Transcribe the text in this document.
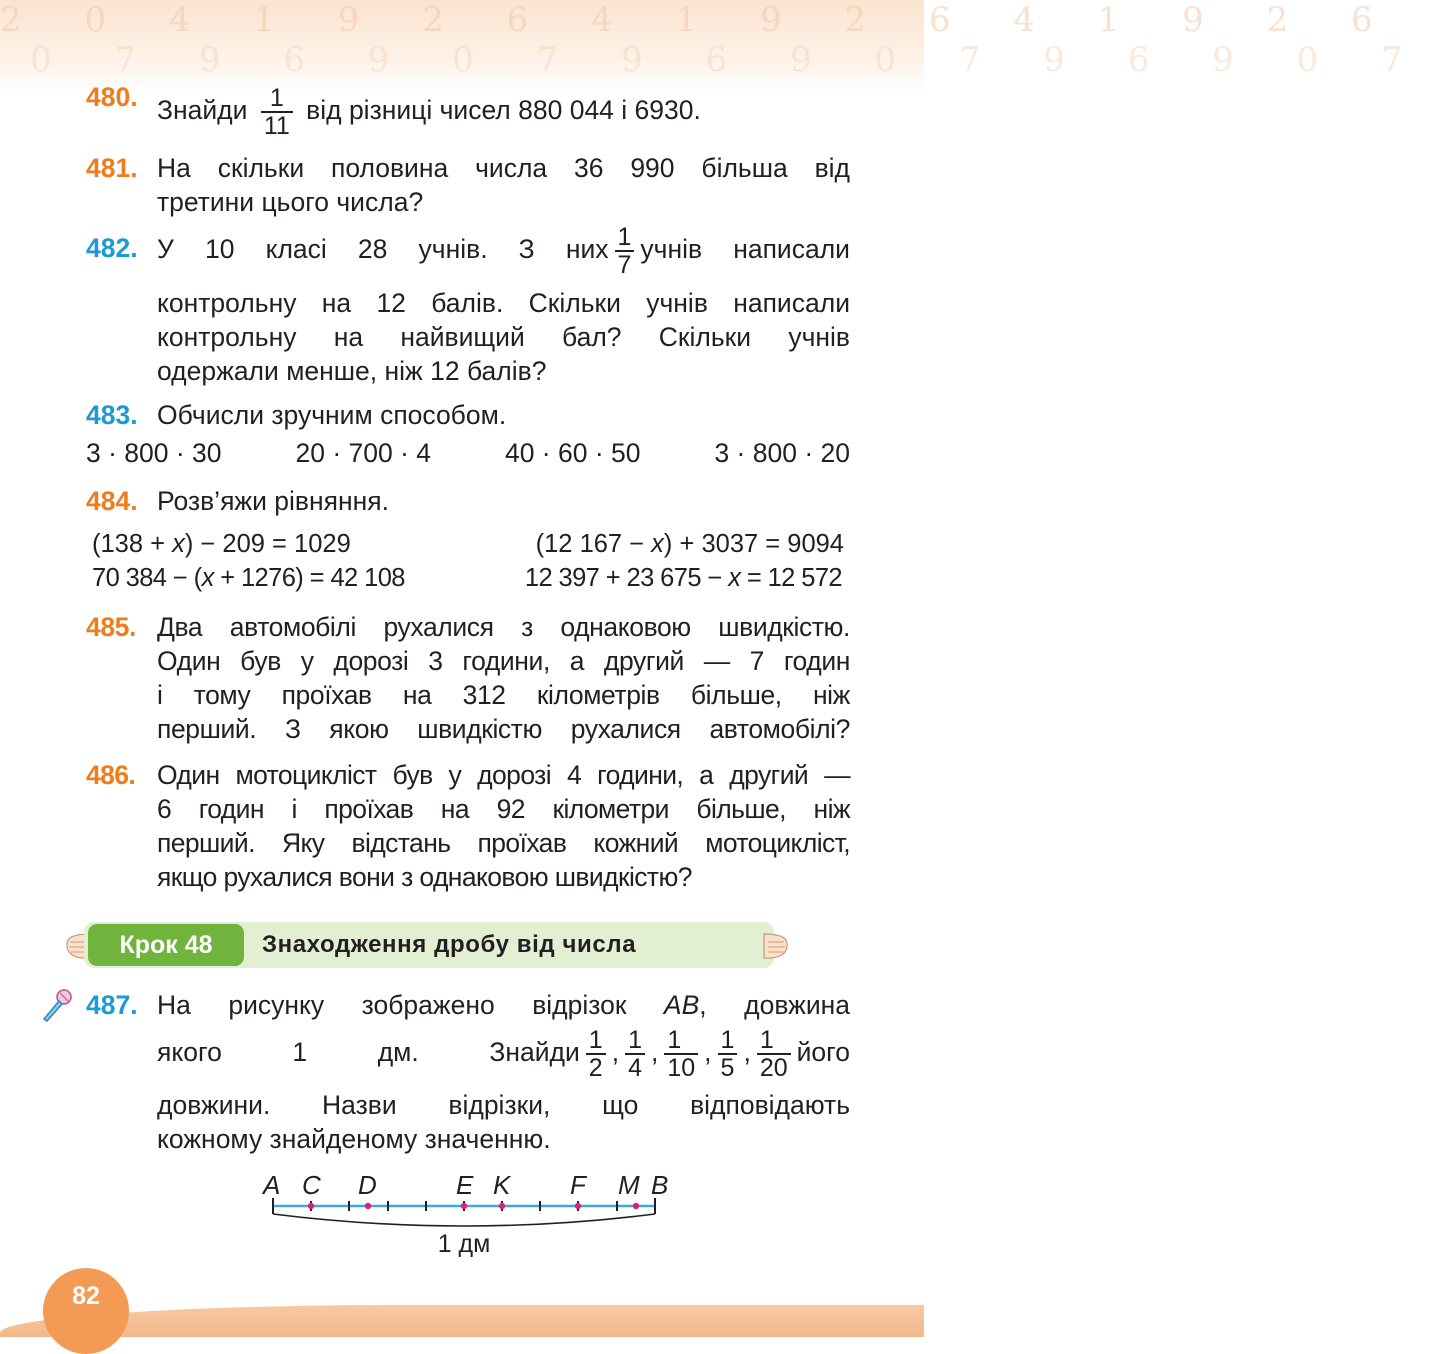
2 0 4 1 9 2 6 4 1 9 2 6 4 1 9 2 6
0 7 9 6 9 0 7 9 6 9 0 7 9 6 9 0 7
480. Знайди $\frac{1}{11}$ від різниці чисел 880 044 і 6930.
481. На скільки половина числа 36 990 більша від
третини цього числа?
482. У 10 класі 28 учнів. З них $\frac{1}{7}$ учнів написали
контрольну на 12 балів. Скільки учнів написали
контрольну на найвищий бал? Скільки учнів
одержали менше, ніж 12 балів?
483. Обчисли зручним способом.
3 · 800 · 30	20 · 700 · 4	40 · 60 · 50	3 · 800 · 20
484. Розв’яжи рівняння.
(138 + x) − 209 = 1029	(12 167 − x) + 3037 = 9094
70 384 − (x + 1276) = 42 108	12 397 + 23 675 − x = 12 572
485. Два автомобілі рухалися з однаковою швидкістю.
Один був у дорозі 3 години, а другий — 7 годин
і тому проїхав на 312 кілометрів більше, ніж
перший. З якою швидкістю рухалися автомобілі?
486. Один мотоцикліст був у дорозі 4 години, а другий —
6 годин і проїхав на 92 кілометри більше, ніж
перший. Яку відстань проїхав кожний мотоцикліст,
якщо рухалися вони з однаковою швидкістю?
Крок 48	Знаходження дробу від числа
487. На рисунку зображено відрізок AB, довжина
якого 1 дм. Знайди $\frac{1}{2}$ , $\frac{1}{4}$ , $\frac{1}{10}$ , $\frac{1}{5}$ , $\frac{1}{20}$ його
довжини. Назви відрізки, що відповідають
кожному знайденому значенню.
A C D	E K F M B
1 дм
82
